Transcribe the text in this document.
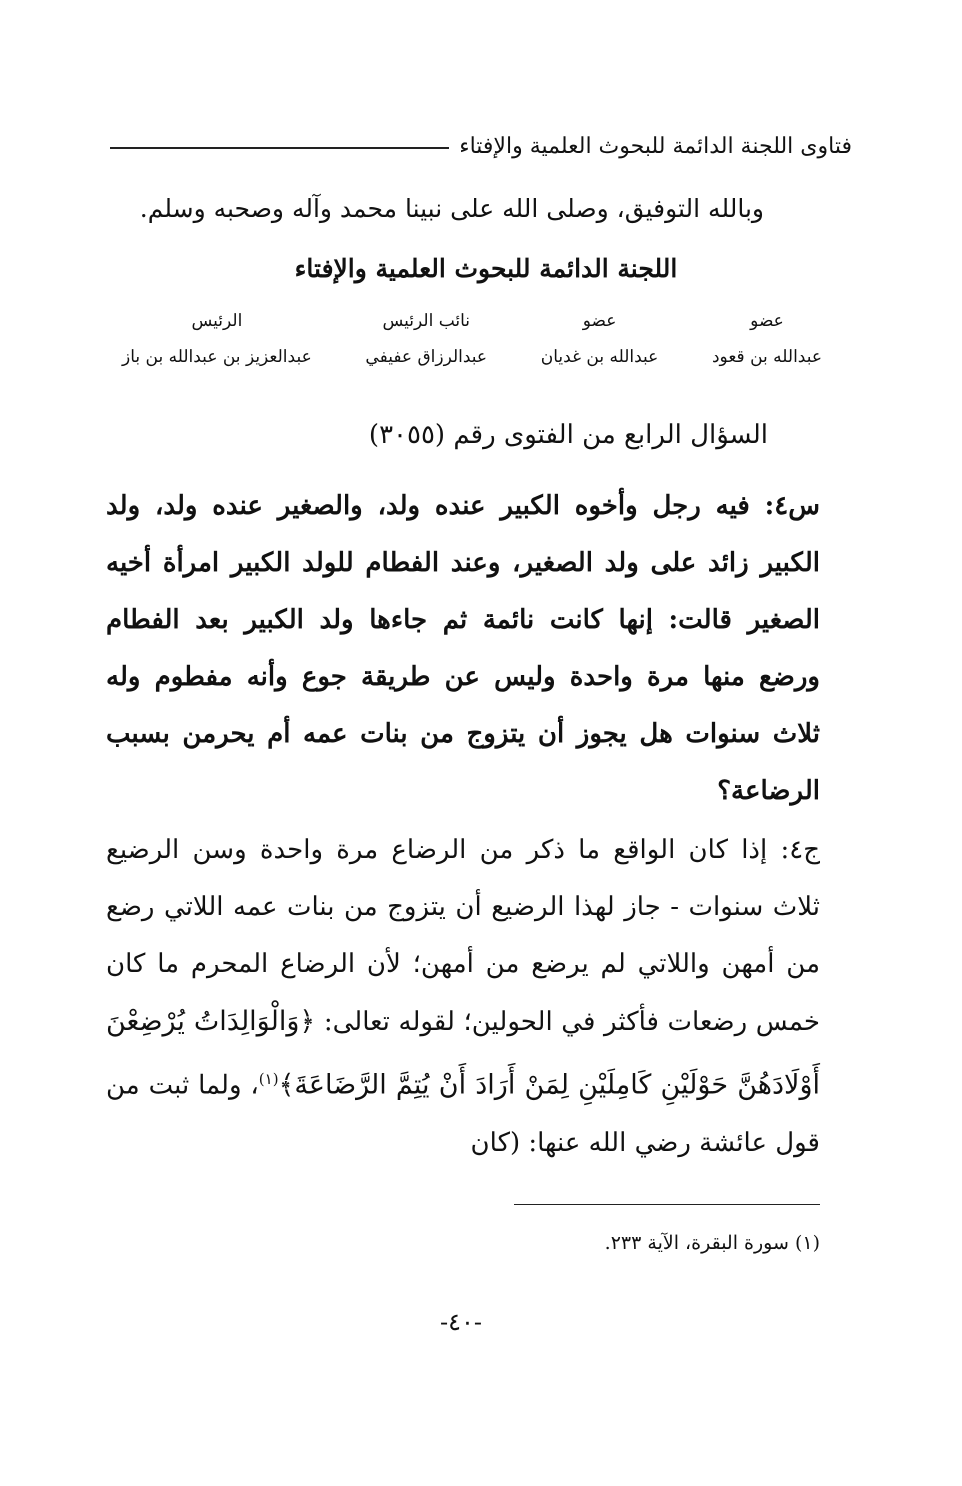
فتاوى اللجنة الدائمة للبحوث العلمية والإفتاء
وبالله التوفيق، وصلى الله على نبينا محمد وآله وصحبه وسلم.
اللجنة الدائمة للبحوث العلمية والإفتاء
عضو
عبدالله بن قعود
عضو
عبدالله بن غديان
نائب الرئيس
عبدالرزاق عفيفي
الرئيس
عبدالعزيز بن عبدالله بن باز
السؤال الرابع من الفتوى رقم (٣٠٥٥)

س٤: فيه رجل وأخوه الكبير عنده ولد، والصغير عنده ولد، ولد الكبير زائد على ولد الصغير، وعند الفطام للولد الكبير امرأة أخيه الصغير قالت: إنها كانت نائمة ثم جاءها ولد الكبير بعد الفطام ورضع منها مرة واحدة وليس عن طريقة جوع وأنه مفطوم وله ثلاث سنوات هل يجوز أن يتزوج من بنات عمه أم يحرمن بسبب الرضاعة؟

ج٤: إذا كان الواقع ما ذكر من الرضاع مرة واحدة وسن الرضيع ثلاث سنوات - جاز لهذا الرضيع أن يتزوج من بنات عمه اللاتي رضع من أمهن واللاتي لم يرضع من أمهن؛ لأن الرضاع المحرم ما كان خمس رضعات فأكثر في الحولين؛ لقوله تعالى: ﴿وَالْوَالِدَاتُ يُرْضِعْنَ أَوْلَادَهُنَّ حَوْلَيْنِ كَامِلَيْنِ لِمَنْ أَرَادَ أَنْ يُتِمَّ الرَّضَاعَةَ﴾$^{(١)}$، ولما ثبت من قول عائشة رضي الله عنها: (كان

(١) سورة البقرة، الآية ٢٣٣.
-٤٠-
